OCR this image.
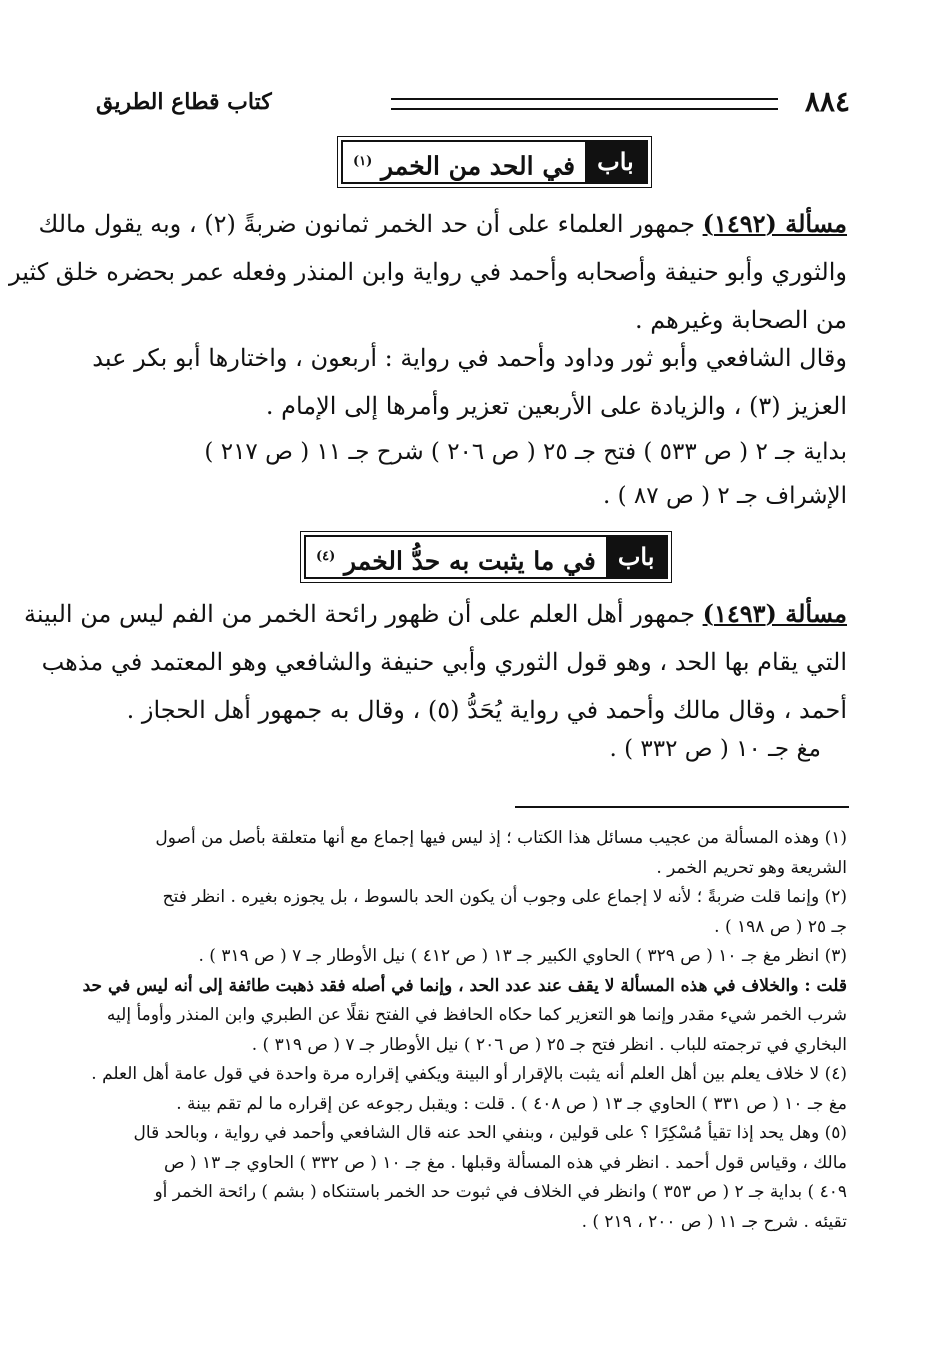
٨٨٤
كتاب قطاع الطريق
باب
في الحد من الخمر $^{(١)}$
مسألة (١٤٩٢) جمهور العلماء على أن حد الخمر ثمانون ضربةً (٢) ، وبه يقول مالك
والثوري وأبو حنيفة وأصحابه وأحمد في رواية وابن المنذر وفعله عمر بحضره خلق كثير
من الصحابة وغيرهم .
وقال الشافعي وأبو ثور وداود وأحمد في رواية : أربعون ، واختارها أبو بكر عبد
العزيز (٣) ، والزيادة على الأربعين تعزير وأمرها إلى الإمام .
بداية جـ ٢ ( ص ٥٣٣ ) فتح جـ ٢٥ ( ص ٢٠٦ ) شرح جـ ١١ ( ص ٢١٧ )
الإشراف جـ ٢ ( ص ٨٧ ) .
باب
في ما يثبت به حدُّ الخمر $^{(٤)}$
مسألة (١٤٩٣) جمهور أهل العلم على أن ظهور رائحة الخمر من الفم ليس من البينة
التي يقام بها الحد ، وهو قول الثوري وأبي حنيفة والشافعي وهو المعتمد في مذهب
أحمد ، وقال مالك وأحمد في رواية يُحَدُّ (٥) ، وقال به جمهور أهل الحجاز .
مغ جـ ١٠ ( ص ٣٣٢ ) .
(١) وهذه المسألة من عجيب مسائل هذا الكتاب ؛ إذ ليس فيها إجماع مع أنها متعلقة بأصل من أصول
الشريعة وهو تحريم الخمر .
(٢) وإنما قلت ضربةً ؛ لأنه لا إجماع على وجوب أن يكون الحد بالسوط ، بل يجوزه بغيره . انظر فتح
جـ ٢٥ ( ص ١٩٨ ) .
(٣) انظر مغ جـ ١٠ ( ص ٣٢٩ ) الحاوي الكبير جـ ١٣ ( ص ٤١٢ ) نيل الأوطار جـ ٧ ( ص ٣١٩ ) .
قلت : والخلاف في هذه المسألة لا يقف عند عدد الحد ، وإنما في أصله فقد ذهبت طائفة إلى أنه ليس في حد
شرب الخمر شيء مقدر وإنما هو التعزير كما حكاه الحافظ في الفتح نقلًا عن الطبري وابن المنذر وأومأ إليه
البخاري في ترجمته للباب . انظر فتح جـ ٢٥ ( ص ٢٠٦ ) نيل الأوطار جـ ٧ ( ص ٣١٩ ) .
(٤) لا خلاف يعلم بين أهل العلم أنه يثبت بالإقرار أو البينة ويكفي إقراره مرة واحدة في قول عامة أهل العلم .
مغ جـ ١٠ ( ص ٣٣١ ) الحاوي جـ ١٣ ( ص ٤٠٨ ) . قلت : ويقبل رجوعه عن إقراره ما لم تقم بينة .
(٥) وهل يحد إذا تقيأ مُسْكِرًا ؟ على قولين ، وبنفي الحد عنه قال الشافعي وأحمد في رواية ، وبالحد قال
مالك ، وقياس قول أحمد . انظر في هذه المسألة وقبلها . مغ جـ ١٠ ( ص ٣٣٢ ) الحاوي جـ ١٣ ( ص
٤٠٩ ) بداية جـ ٢ ( ص ٣٥٣ ) وانظر في الخلاف في ثبوت حد الخمر باستنكاه ( بشم ) رائحة الخمر أو
تقيئه . شرح جـ ١١ ( ص ٢٠٠ ، ٢١٩ ) .
